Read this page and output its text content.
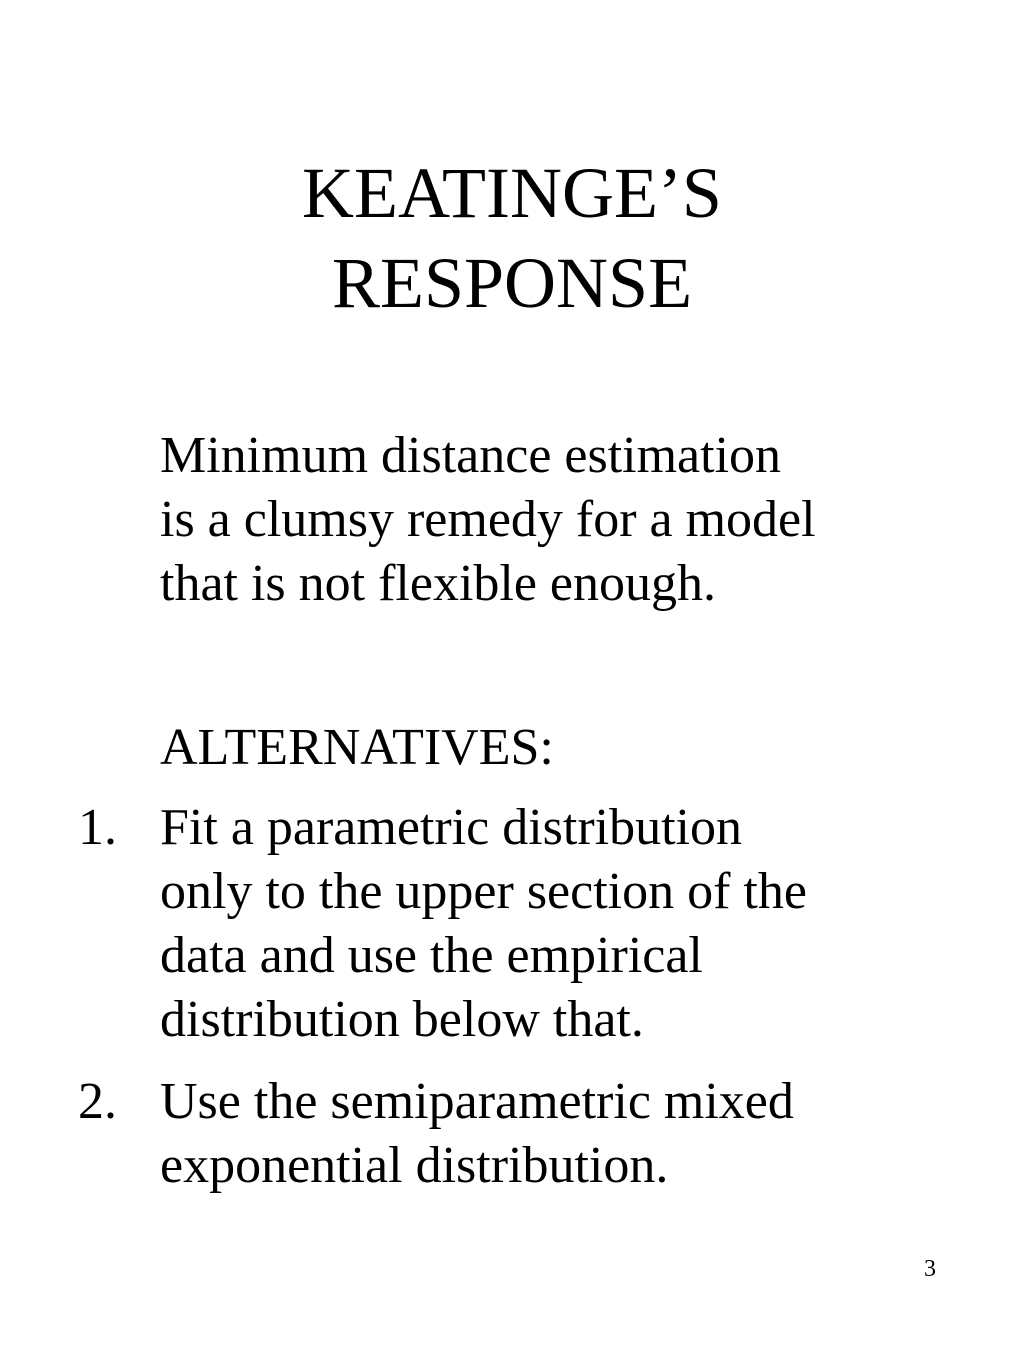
KEATINGE’S
RESPONSE
Minimum distance estimation
is a clumsy remedy for a model
that is not flexible enough.
ALTERNATIVES:
1. Fit a parametric distribution
only to the upper section of the
data and use the empirical
distribution below that.
2. Use the semiparametric mixed
exponential distribution.
3
